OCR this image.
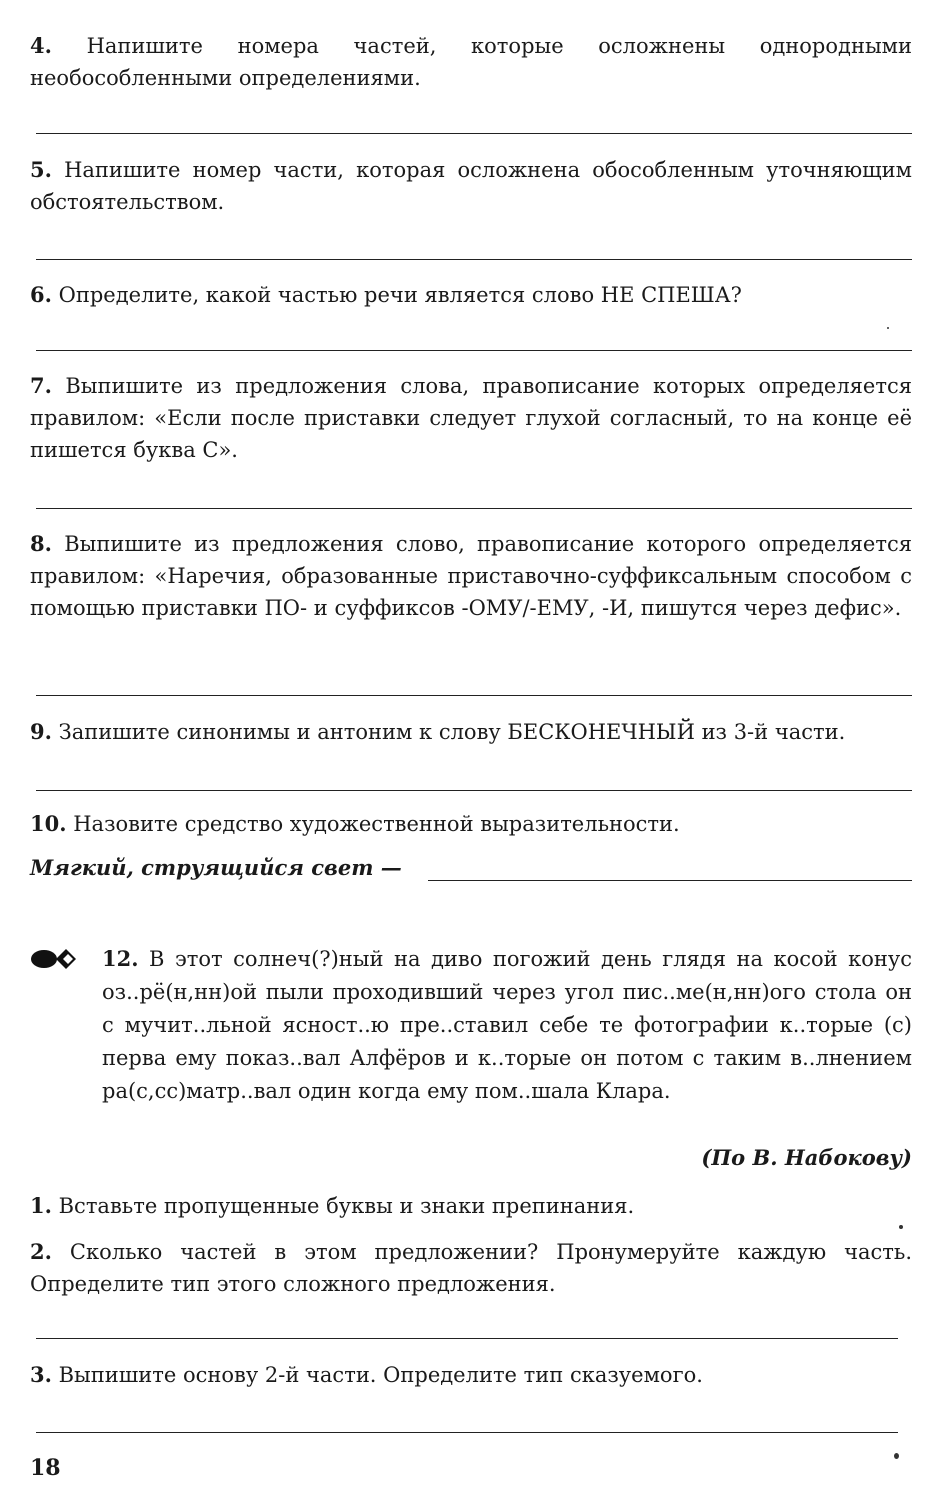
4. Напишите номера частей, которые осложнены однородными необособленными определениями.

5. Напишите номер части, которая осложнена обособленным уточняющим обстоятельством.

6. Определите, какой частью речи является слово НЕ СПЕША?

7. Выпишите из предложения слова, правописание которых определяется правилом: «Если после приставки следует глухой согласный, то на конце её пишется буква С».

8. Выпишите из предложения слово, правописание которого определяется правилом: «Наречия, образованные приставочно-суффиксальным способом с помощью приставки ПО- и суффиксов -ОМУ/-ЕМУ, -И, пишутся через дефис».

9. Запишите синонимы и антоним к слову БЕСКОНЕЧНЫЙ из 3-й части.

10. Назовите средство художественной выразительности.

Мягкий, струящийся свет —

12. В этот солнеч(?)ный на диво погожий день глядя на косой конус оз..рё(н,нн)ой пыли проходивший через угол пис..ме(н,нн)ого стола он с мучит..льной ясност..ю пре..ставил себе те фотографии к..торые (с) перва ему показ..вал Алфёров и к..торые он потом с таким в..лнением ра(с,сс)матр..вал один когда ему пом..шала Клара.

(По В. Набокову)

1. Вставьте пропущенные буквы и знаки препинания.

2. Сколько частей в этом предложении? Пронумеруйте каждую часть. Определите тип этого сложного предложения.

3. Выпишите основу 2-й части. Определите тип сказуемого.

18
